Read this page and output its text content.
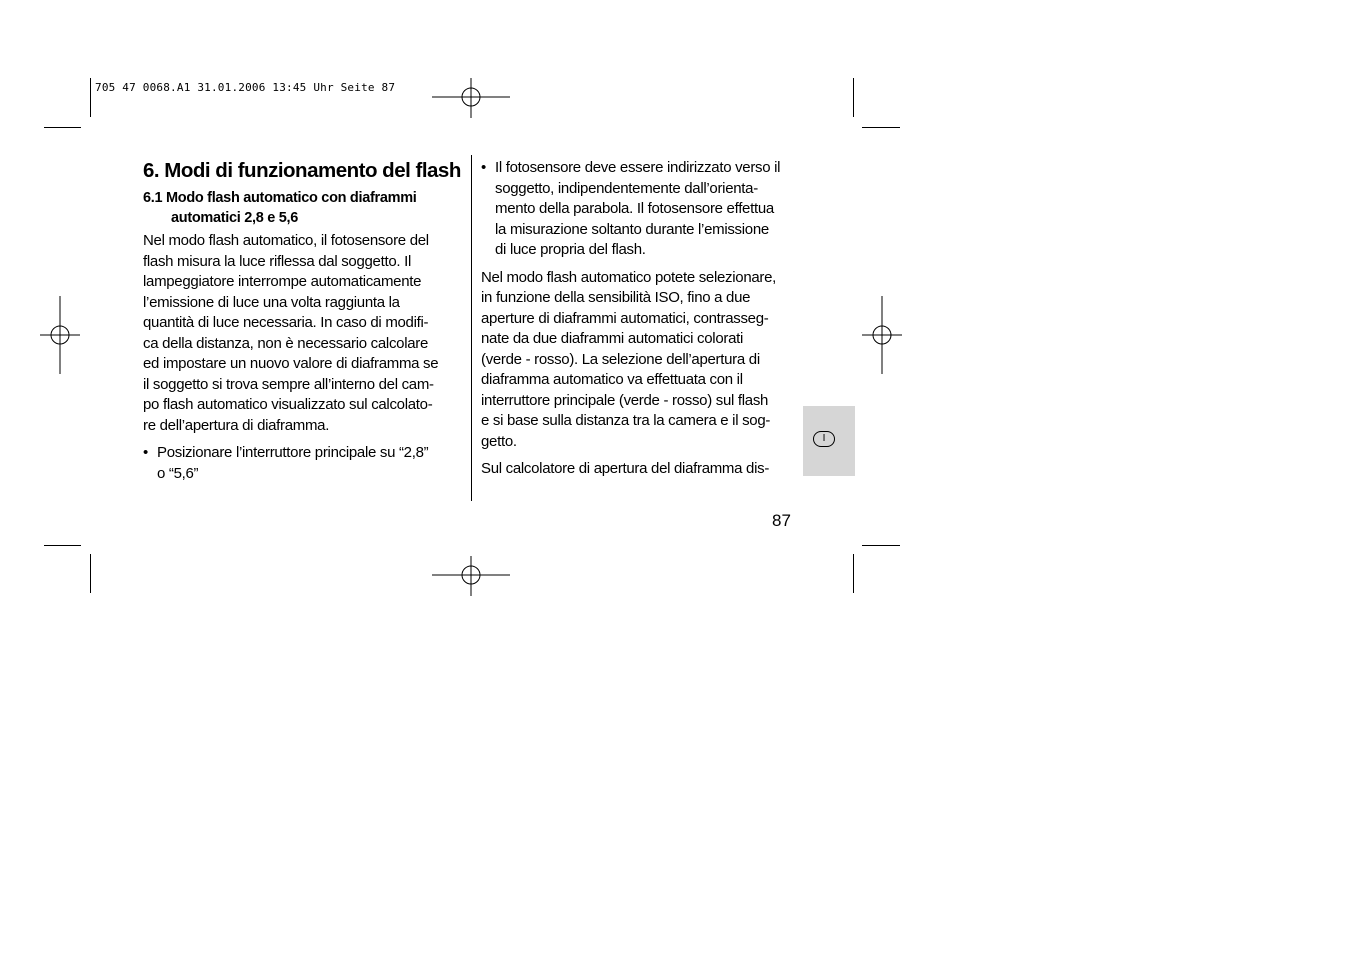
705 47 0068.A1 31.01.2006 13:45 Uhr Seite 87
6. Modi di funzionamento del flash
6.1 Modo flash automatico con diaframmi automatici 2,8 e 5,6
Nel modo flash automatico, il fotosensore del
flash misura la luce riflessa dal soggetto. Il
lampeggiatore interrompe automaticamente
l’emissione di luce una volta raggiunta la
quantità di luce necessaria. In caso di modifi-
ca della distanza, non è necessario calcolare
ed impostare un nuovo valore di diaframma se
il soggetto si trova sempre all’interno del cam-
po flash automatico visualizzato sul calcolato-
re dell’apertura di diaframma.
• Posizionare l’interruttore principale su “2,8”
o “5,6”
• Il fotosensore deve essere indirizzato verso il
soggetto, indipendentemente dall’orienta-
mento della parabola. Il fotosensore effettua
la misurazione soltanto durante l’emissione
di luce propria del flash.
Nel modo flash automatico potete selezionare,
in funzione della sensibilità ISO, fino a due
aperture di diaframmi automatici, contrasseg-
nate da due diaframmi automatici colorati
(verde - rosso). La selezione dell’apertura di
diaframma automatico va effettuata con il
interruttore principale (verde - rosso) sul flash
e si base sulla distanza tra la camera e il sog-
getto.
Sul calcolatore di apertura del diaframma dis-
I
87
